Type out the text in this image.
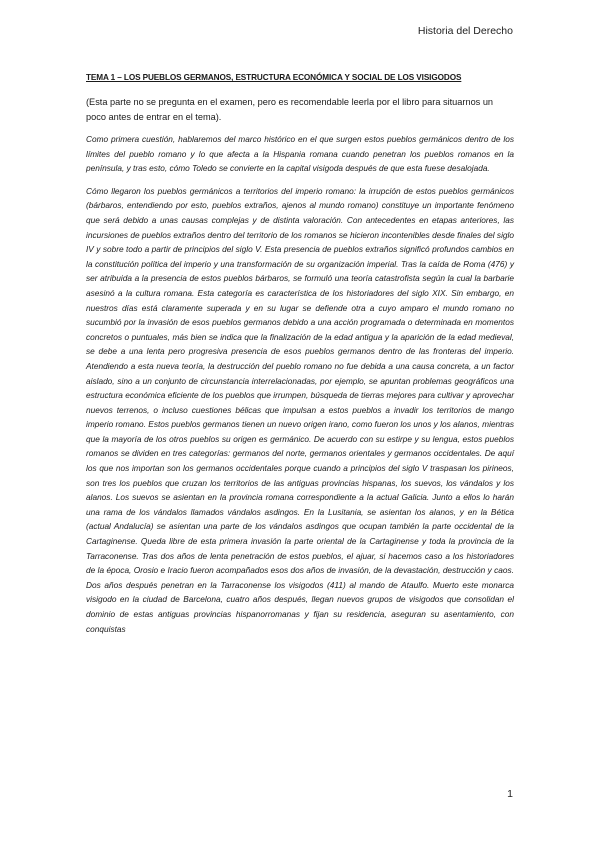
Historia del Derecho
TEMA 1 – LOS PUEBLOS GERMANOS, ESTRUCTURA ECONÓMICA Y SOCIAL DE LOS VISIGODOS

(Esta parte no se pregunta en el examen, pero es recomendable leerla por el libro para situarnos un poco antes de entrar en el tema).

Como primera cuestión, hablaremos del marco histórico en el que surgen estos pueblos germánicos dentro de los límites del pueblo romano y lo que afecta a la Hispania romana cuando penetran los pueblos romanos en la península, y tras esto, cómo Toledo se convierte en la capital visigoda después de que esta fuese desalojada.

Cómo llegaron los pueblos germánicos a territorios del imperio romano: la irrupción de estos pueblos germánicos (bárbaros, entendiendo por esto, pueblos extraños, ajenos al mundo romano) constituye un importante fenómeno que será debido a unas causas complejas y de distinta valoración. Con antecedentes en etapas anteriores, las incursiones de pueblos extraños dentro del territorio de los romanos se hicieron incontenibles desde finales del siglo IV y sobre todo a partir de principios del siglo V. Esta presencia de pueblos extraños significó profundos cambios en la constitución política del imperio y una transformación de su organización imperial. Tras la caída de Roma (476) y ser atribuida a la presencia de estos pueblos bárbaros, se formuló una teoría catastrofista según la cual la barbarie asesinó a la cultura romana. Esta categoría es característica de los historiadores del siglo XIX. Sin embargo, en nuestros días está claramente superada y en su lugar se defiende otra a cuyo amparo el mundo romano no sucumbió por la invasión de esos pueblos germanos debido a una acción programada o determinada en momentos concretos o puntuales, más bien se indica que la finalización de la edad antigua y la aparición de la edad medieval, se debe a una lenta pero progresiva presencia de esos pueblos germanos dentro de las fronteras del imperio. Atendiendo a esta nueva teoría, la destrucción del pueblo romano no fue debida a una causa concreta, a un factor aislado, sino a un conjunto de circunstancia interrelacionadas, por ejemplo, se apuntan problemas geográficos una estructura económica eficiente de los pueblos que irrumpen, búsqueda de tierras mejores para cultivar y aprovechar nuevos terrenos, o incluso cuestiones bélicas que impulsan a estos pueblos a invadir los territorios de mango imperio romano. Estos pueblos germanos tienen un nuevo origen irano, como fueron los unos y los alanos, mientras que la mayoría de los otros pueblos su origen es germánico. De acuerdo con su estirpe y su lengua, estos pueblos romanos se dividen en tres categorías: germanos del norte, germanos orientales y germanos occidentales. De aquí los que nos importan son los germanos occidentales porque cuando a principios del siglo V traspasan los pirineos, son tres los pueblos que cruzan los territorios de las antiguas provincias hispanas, los suevos, los vándalos y los alanos. Los suevos se asientan en la provincia romana correspondiente a la actual Galicia. Junto a ellos lo harán una rama de los vándalos llamados vándalos asdingos. En la Lusitania, se asientan los alanos, y en la Bética (actual Andalucía) se asientan una parte de los vándalos asdingos que ocupan también la parte occidental de la Cartaginense. Queda libre de esta primera invasión la parte oriental de la Cartaginense y toda la provincia de la Tarraconense. Tras dos años de lenta penetración de estos pueblos, el ajuar, si hacemos caso a los historiadores de la época, Orosio e Iracio fueron acompañados esos dos años de invasión, de la devastación, destrucción y caos. Dos años después penetran en la Tarraconense los visigodos (411) al mando de Ataulfo. Muerto este monarca visigodo en la ciudad de Barcelona, cuatro años después, llegan nuevos grupos de visigodos que consolidan el dominio de estas antiguas provincias hispanorromanas y fijan su residencia, aseguran su asentamiento, con conquistas

1
